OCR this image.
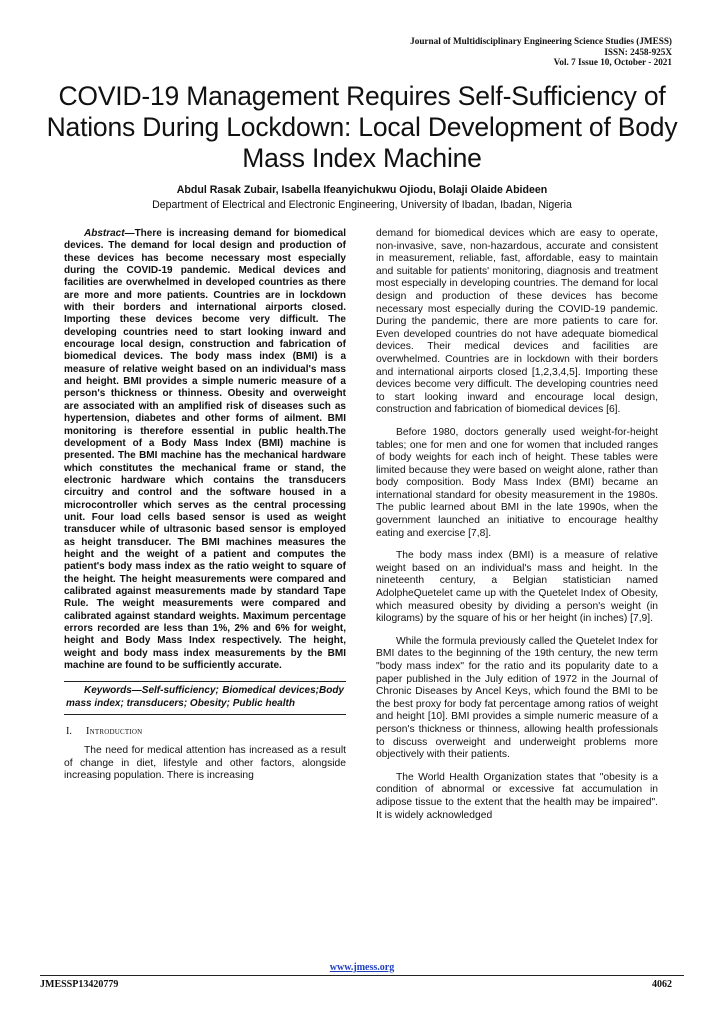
Journal of Multidisciplinary Engineering Science Studies (JMESS)
ISSN: 2458-925X
Vol. 7 Issue 10, October - 2021
COVID-19 Management Requires Self-Sufficiency of Nations During Lockdown: Local Development of Body Mass Index Machine
Abdul Rasak Zubair, Isabella Ifeanyichukwu Ojiodu, Bolaji Olaide Abideen
Department of Electrical and Electronic Engineering, University of Ibadan, Ibadan, Nigeria

Abstract—There is increasing demand for biomedical devices. The demand for local design and production of these devices has become necessary most especially during the COVID-19 pandemic. Medical devices and facilities are overwhelmed in developed countries as there are more and more patients. Countries are in lockdown with their borders and international airports closed. Importing these devices become very difficult. The developing countries need to start looking inward and encourage local design, construction and fabrication of biomedical devices. The body mass index (BMI) is a measure of relative weight based on an individual's mass and height. BMI provides a simple numeric measure of a person's thickness or thinness. Obesity and overweight are associated with an amplified risk of diseases such as hypertension, diabetes and other forms of ailment. BMI monitoring is therefore essential in public health.The development of a Body Mass Index (BMI) machine is presented. The BMI machine has the mechanical hardware which constitutes the mechanical frame or stand, the electronic hardware which contains the transducers circuitry and control and the software housed in a microcontroller which serves as the central processing unit. Four load cells based sensor is used as weight transducer while of ultrasonic based sensor is employed as height transducer. The BMI machines measures the height and the weight of a patient and computes the patient's body mass index as the ratio weight to square of the height. The height measurements were compared and calibrated against measurements made by standard Tape Rule. The weight measurements were compared and calibrated against standard weights. Maximum percentage errors recorded are less than 1%, 2% and 6% for weight, height and Body Mass Index respectively. The height, weight and body mass index measurements by the BMI machine are found to be sufficiently accurate.

Keywords—Self-sufficiency; Biomedical devices;Body mass index; transducers; Obesity; Public health
I. Introduction

The need for medical attention has increased as a result of change in diet, lifestyle and other factors, alongside increasing population. There is increasing

demand for biomedical devices which are easy to operate, non-invasive, save, non-hazardous, accurate and consistent in measurement, reliable, fast, affordable, easy to maintain and suitable for patients' monitoring, diagnosis and treatment most especially in developing countries. The demand for local design and production of these devices has become necessary most especially during the COVID-19 pandemic. During the pandemic, there are more patients to care for. Even developed countries do not have adequate biomedical devices. Their medical devices and facilities are overwhelmed. Countries are in lockdown with their borders and international airports closed [1,2,3,4,5]. Importing these devices become very difficult. The developing countries need to start looking inward and encourage local design, construction and fabrication of biomedical devices [6].

Before 1980, doctors generally used weight-for-height tables; one for men and one for women that included ranges of body weights for each inch of height. These tables were limited because they were based on weight alone, rather than body composition. Body Mass Index (BMI) became an international standard for obesity measurement in the 1980s. The public learned about BMI in the late 1990s, when the government launched an initiative to encourage healthy eating and exercise [7,8].

The body mass index (BMI) is a measure of relative weight based on an individual's mass and height. In the nineteenth century, a Belgian statistician named AdolpheQuetelet came up with the Quetelet Index of Obesity, which measured obesity by dividing a person's weight (in kilograms) by the square of his or her height (in inches) [7,9].

While the formula previously called the Quetelet Index for BMI dates to the beginning of the 19th century, the new term "body mass index" for the ratio and its popularity date to a paper published in the July edition of 1972 in the Journal of Chronic Diseases by Ancel Keys, which found the BMI to be the best proxy for body fat percentage among ratios of weight and height [10]. BMI provides a simple numeric measure of a person's thickness or thinness, allowing health professionals to discuss overweight and underweight problems more objectively with their patients.

The World Health Organization states that "obesity is a condition of abnormal or excessive fat accumulation in adipose tissue to the extent that the health may be impaired". It is widely acknowledged

www.jmess.org
JMESSP13420779	4062
